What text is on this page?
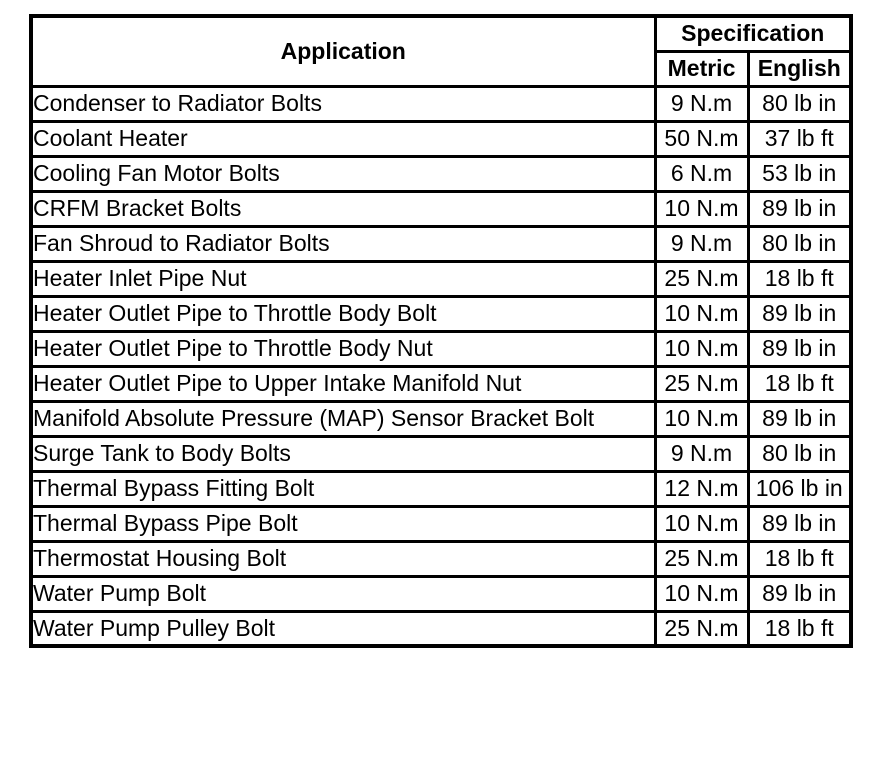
Application	Specification	
	Metric	English
Condenser to Radiator Bolts	9 N.m	80 lb in
Coolant Heater	50 N.m	37 lb ft
Cooling Fan Motor Bolts	6 N.m	53 lb in
CRFM Bracket Bolts	10 N.m	89 lb in
Fan Shroud to Radiator Bolts	9 N.m	80 lb in
Heater Inlet Pipe Nut	25 N.m	18 lb ft
Heater Outlet Pipe to Throttle Body Bolt	10 N.m	89 lb in
Heater Outlet Pipe to Throttle Body Nut	10 N.m	89 lb in
Heater Outlet Pipe to Upper Intake Manifold Nut	25 N.m	18 lb ft
Manifold Absolute Pressure (MAP) Sensor Bracket Bolt	10 N.m	89 lb in
Surge Tank to Body Bolts	9 N.m	80 lb in
Thermal Bypass Fitting Bolt	12 N.m	106 lb in
Thermal Bypass Pipe Bolt	10 N.m	89 lb in
Thermostat Housing Bolt	25 N.m	18 lb ft
Water Pump Bolt	10 N.m	89 lb in
Water Pump Pulley Bolt	25 N.m	18 lb ft
